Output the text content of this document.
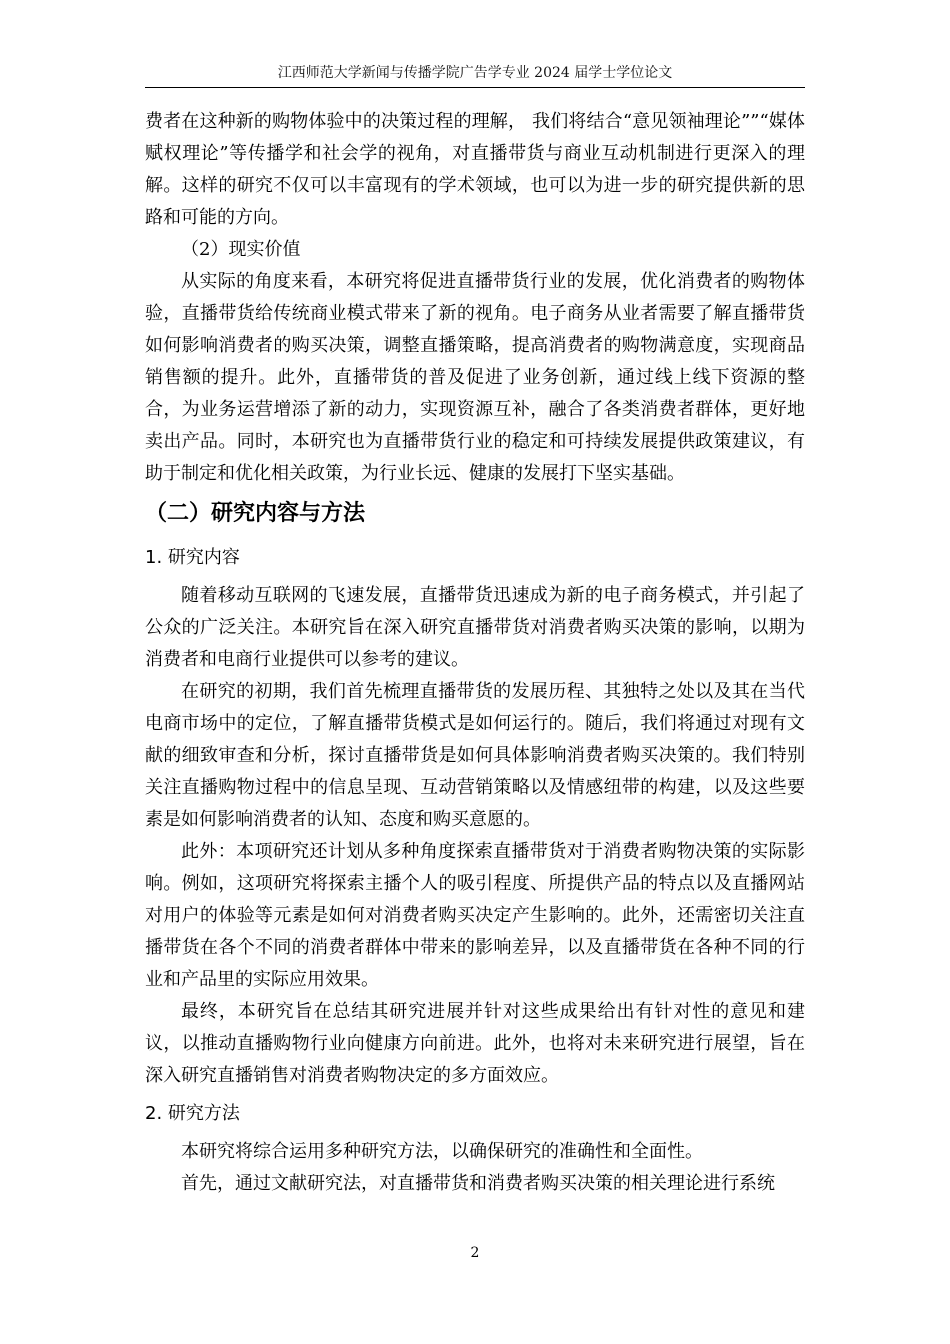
江西师范大学新闻与传播学院广告学专业 2024 届学士学位论文

费者在这种新的购物体验中的决策过程的理解， 我们将结合“意见领袖理论””“媒体赋权理论”等传播学和社会学的视角，对直播带货与商业互动机制进行更深入的理解。这样的研究不仅可以丰富现有的学术领域，也可以为进一步的研究提供新的思路和可能的方向。

（2）现实价值

从实际的角度来看，本研究将促进直播带货行业的发展，优化消费者的购物体验，直播带货给传统商业模式带来了新的视角。电子商务从业者需要了解直播带货如何影响消费者的购买决策，调整直播策略，提高消费者的购物满意度，实现商品销售额的提升。此外，直播带货的普及促进了业务创新，通过线上线下资源的整合，为业务运营增添了新的动力，实现资源互补，融合了各类消费者群体，更好地卖出产品。同时，本研究也为直播带货行业的稳定和可持续发展提供政策建议，有助于制定和优化相关政策，为行业长远、健康的发展打下坚实基础。

（二）研究内容与方法
1. 研究内容

随着移动互联网的飞速发展，直播带货迅速成为新的电子商务模式，并引起了公众的广泛关注。本研究旨在深入研究直播带货对消费者购买决策的影响，以期为消费者和电商行业提供可以参考的建议。

在研究的初期，我们首先梳理直播带货的发展历程、其独特之处以及其在当代电商市场中的定位，了解直播带货模式是如何运行的。随后，我们将通过对现有文献的细致审查和分析，探讨直播带货是如何具体影响消费者购买决策的。我们特别关注直播购物过程中的信息呈现、互动营销策略以及情感纽带的构建，以及这些要素是如何影响消费者的认知、态度和购买意愿的。

此外：本项研究还计划从多种角度探索直播带货对于消费者购物决策的实际影响。例如，这项研究将探索主播个人的吸引程度、所提供产品的特点以及直播网站对用户的体验等元素是如何对消费者购买决定产生影响的。此外，还需密切关注直播带货在各个不同的消费者群体中带来的影响差异，以及直播带货在各种不同的行业和产品里的实际应用效果。

最终，本研究旨在总结其研究进展并针对这些成果给出有针对性的意见和建议，以推动直播购物行业向健康方向前进。此外，也将对未来研究进行展望，旨在深入研究直播销售对消费者购物决定的多方面效应。

2. 研究方法

本研究将综合运用多种研究方法，以确保研究的准确性和全面性。

首先，通过文献研究法，对直播带货和消费者购买决策的相关理论进行系统

2
